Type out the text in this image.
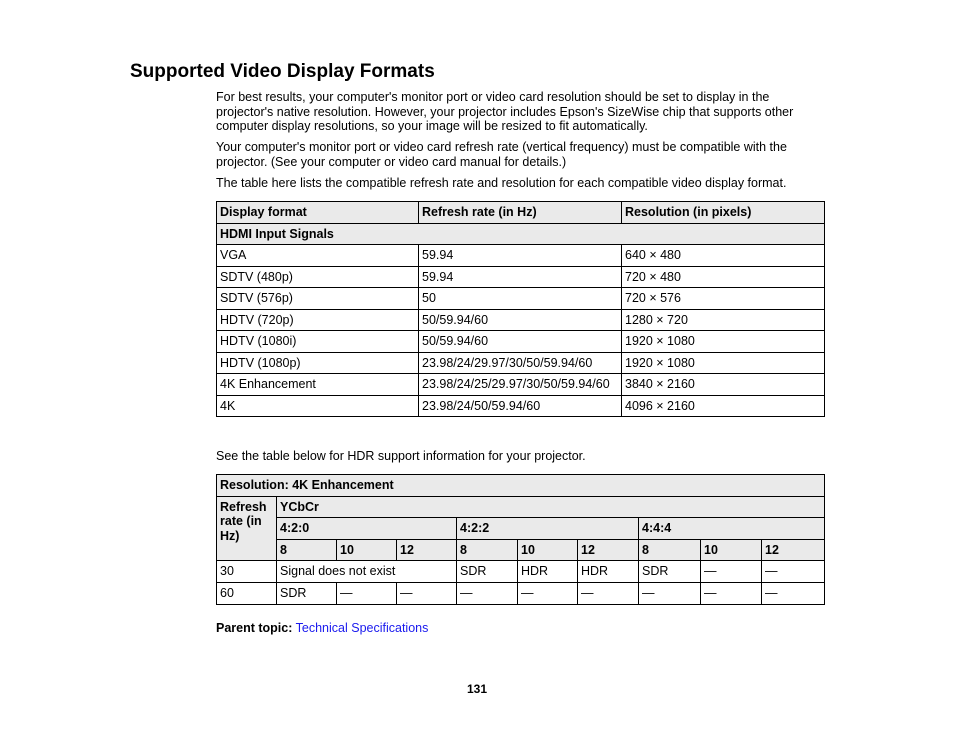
Supported Video Display Formats

For best results, your computer's monitor port or video card resolution should be set to display in the projector's native resolution. However, your projector includes Epson's SizeWise chip that supports other computer display resolutions, so your image will be resized to fit automatically.

Your computer's monitor port or video card refresh rate (vertical frequency) must be compatible with the projector. (See your computer or video card manual for details.)

The table here lists the compatible refresh rate and resolution for each compatible video display format.

Display format	Refresh rate (in Hz)	Resolution (in pixels)
HDMI Input Signals		
VGA	59.94	640 × 480
SDTV (480p)	59.94	720 × 480
SDTV (576p)	50	720 × 576
HDTV (720p)	50/59.94/60	1280 × 720
HDTV (1080i)	50/59.94/60	1920 × 1080
HDTV (1080p)	23.98/24/29.97/30/50/59.94/60	1920 × 1080
4K Enhancement	23.98/24/25/29.97/30/50/59.94/60	3840 × 2160
4K	23.98/24/50/59.94/60	4096 × 2160

See the table below for HDR support information for your projector.

Resolution: 4K Enhancement									
Refresh rate (in Hz)	YCbCr								
	4:2:0			4:2:2			4:4:4		
	8	10	12	8	10	12	8	10	12
30	Signal does not exist			SDR	HDR	HDR	SDR	—	—
60	SDR	—	—	—	—	—	—	—	—

Parent topic: Technical Specifications

131
